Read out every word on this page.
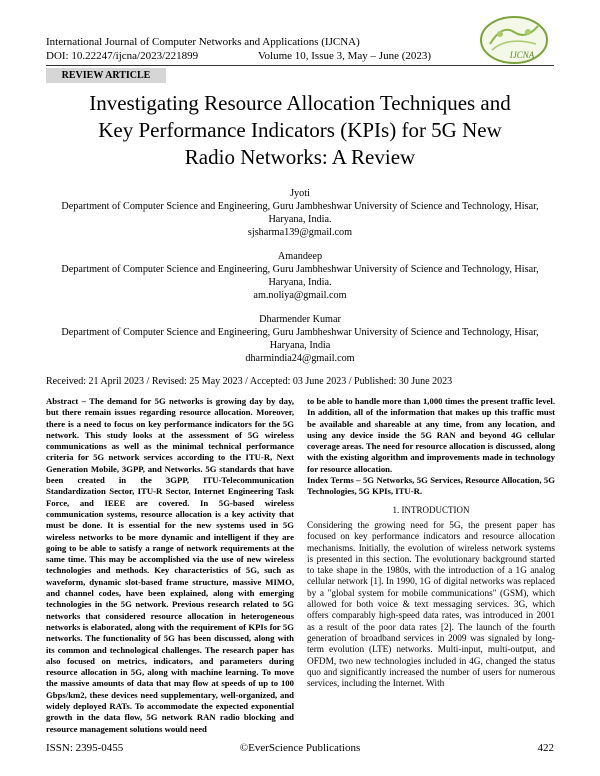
International Journal of Computer Networks and Applications (IJCNA)
DOI: 10.22247/ijcna/2023/221899	Volume 10, Issue 3, May – June (2023)	IJCNA
REVIEW ARTICLE
Investigating Resource Allocation Techniques and
Key Performance Indicators (KPIs) for 5G New
Radio Networks: A Review
Jyoti
Department of Computer Science and Engineering, Guru Jambheshwar University of Science and Technology, Hisar,
Haryana, India.
sjsharma139@gmail.com
Amandeep
Department of Computer Science and Engineering, Guru Jambheshwar University of Science and Technology, Hisar,
Haryana, India.
am.noliya@gmail.com
Dharmender Kumar
Department of Computer Science and Engineering, Guru Jambheshwar University of Science and Technology, Hisar,
Haryana, India
dharmindia24@gmail.com
Received: 21 April 2023 / Revised: 25 May 2023 / Accepted: 03 June 2023 / Published: 30 June 2023
Abstract – The demand for 5G networks is growing day by day, but there remain issues regarding resource allocation. Moreover, there is a need to focus on key performance indicators for the 5G network. This study looks at the assessment of 5G wireless communications as well as the minimal technical performance criteria for 5G network services according to the ITU-R, Next Generation Mobile, 3GPP, and Networks. 5G standards that have been created in the 3GPP, ITU-Telecommunication Standardization Sector, ITU-R Sector, Internet Engineering Task Force, and IEEE are covered. In 5G-based wireless communication systems, resource allocation is a key activity that must be done. It is essential for the new systems used in 5G wireless networks to be more dynamic and intelligent if they are going to be able to satisfy a range of network requirements at the same time. This may be accomplished via the use of new wireless technologies and methods. Key characteristics of 5G, such as waveform, dynamic slot-based frame structure, massive MIMO, and channel codes, have been explained, along with emerging technologies in the 5G network. Previous research related to 5G networks that considered resource allocation in heterogeneous networks is elaborated, along with the requirement of KPIs for 5G networks. The functionality of 5G has been discussed, along with its common and technological challenges. The research paper has also focused on metrics, indicators, and parameters during resource allocation in 5G, along with machine learning. To move the massive amounts of data that may flow at speeds of up to 100 Gbps/km2, these devices need supplementary, well-organized, and widely deployed RATs. To accommodate the expected exponential growth in the data flow, 5G network RAN radio blocking and resource management solutions would need
to be able to handle more than 1,000 times the present traffic level. In addition, all of the information that makes up this traffic must be available and shareable at any time, from any location, and using any device inside the 5G RAN and beyond 4G cellular coverage areas. The need for resource allocation is discussed, along with the existing algorithm and improvements made in technology for resource allocation.
Index Terms – 5G Networks, 5G Services, Resource Allocation, 5G Technologies, 5G KPIs, ITU-R.
1. INTRODUCTION
Considering the growing need for 5G, the present paper has focused on key performance indicators and resource allocation mechanisms. Initially, the evolution of wireless network systems is presented in this section. The evolutionary background started to take shape in the 1980s, with the introduction of a 1G analog cellular network [1]. In 1990, 1G of digital networks was replaced by a "global system for mobile communications" (GSM), which allowed for both voice & text messaging services. 3G, which offers comparably high-speed data rates, was introduced in 2001 as a result of the poor data rates [2]. The launch of the fourth generation of broadband services in 2009 was signaled by long-term evolution (LTE) networks. Multi-input, multi-output, and OFDM, two new technologies included in 4G, changed the status quo and significantly increased the number of users for numerous services, including the Internet. With
ISSN: 2395-0455	©EverScience Publications	422
